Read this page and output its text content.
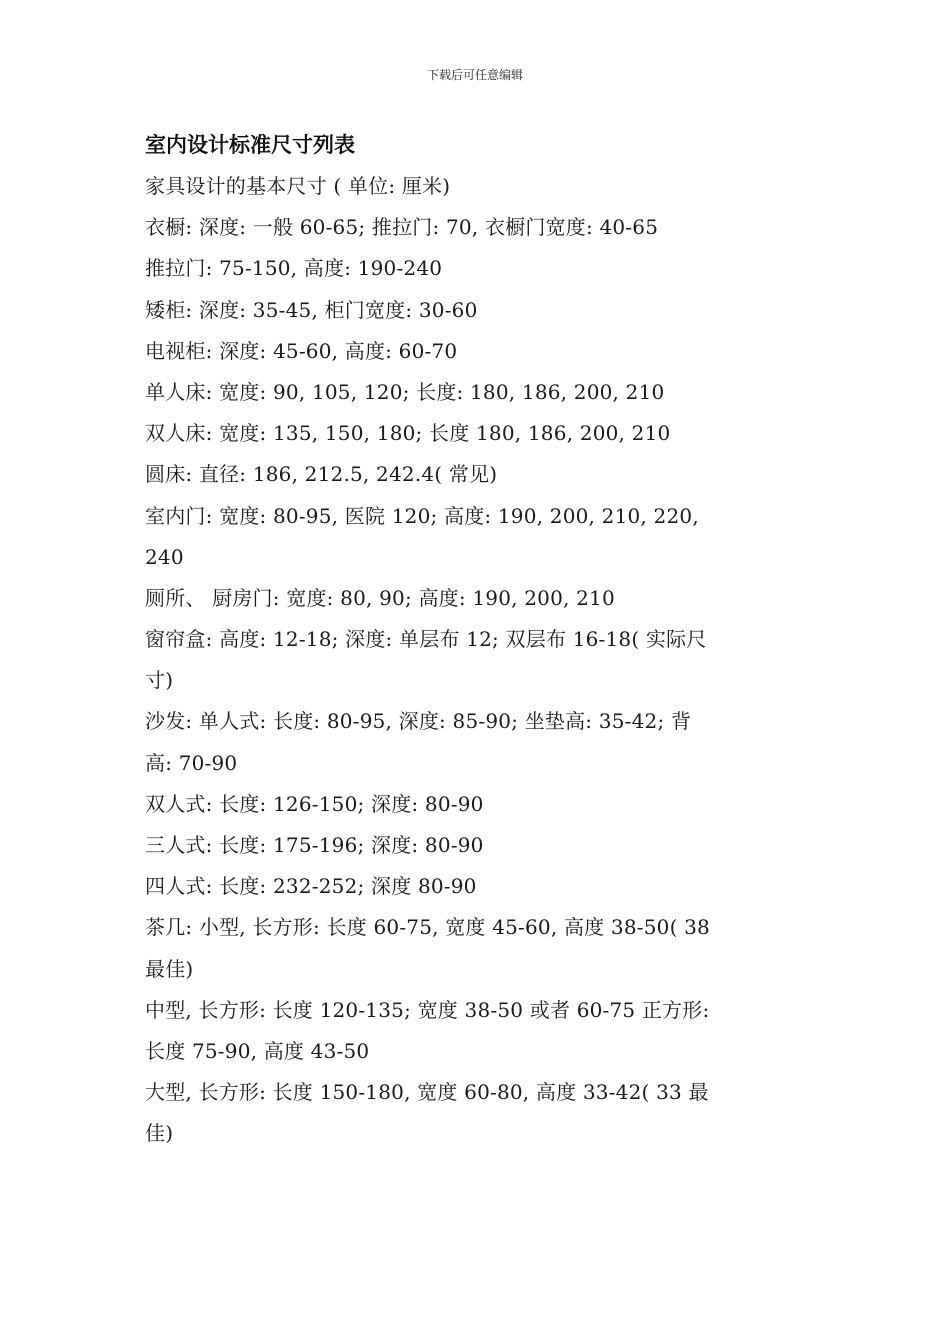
下载后可任意编辑
室内设计标准尺寸列表
家具设计的基本尺寸 ( 单位: 厘米)
衣橱: 深度: 一般 60-65; 推拉门: 70, 衣橱门宽度: 40-65
推拉门: 75-150, 高度: 190-240
矮柜: 深度: 35-45, 柜门宽度: 30-60
电视柜: 深度: 45-60, 高度: 60-70
单人床: 宽度: 90, 105, 120; 长度: 180, 186, 200, 210
双人床: 宽度: 135, 150, 180; 长度 180, 186, 200, 210
圆床: 直径: 186, 212.5, 242.4( 常见)
室内门: 宽度: 80-95, 医院 120; 高度: 190, 200, 210, 220,
240
厕所、 厨房门: 宽度: 80, 90; 高度: 190, 200, 210
窗帘盒: 高度: 12-18; 深度: 单层布 12; 双层布 16-18( 实际尺
寸)
沙发: 单人式: 长度: 80-95, 深度: 85-90; 坐垫高: 35-42; 背
高: 70-90
双人式: 长度: 126-150; 深度: 80-90
三人式: 长度: 175-196; 深度: 80-90
四人式: 长度: 232-252; 深度 80-90
茶几: 小型, 长方形: 长度 60-75, 宽度 45-60, 高度 38-50( 38
最佳)
中型, 长方形: 长度 120-135; 宽度 38-50 或者 60-75 正方形:
长度 75-90, 高度 43-50
大型, 长方形: 长度 150-180, 宽度 60-80, 高度 33-42( 33 最
佳)
